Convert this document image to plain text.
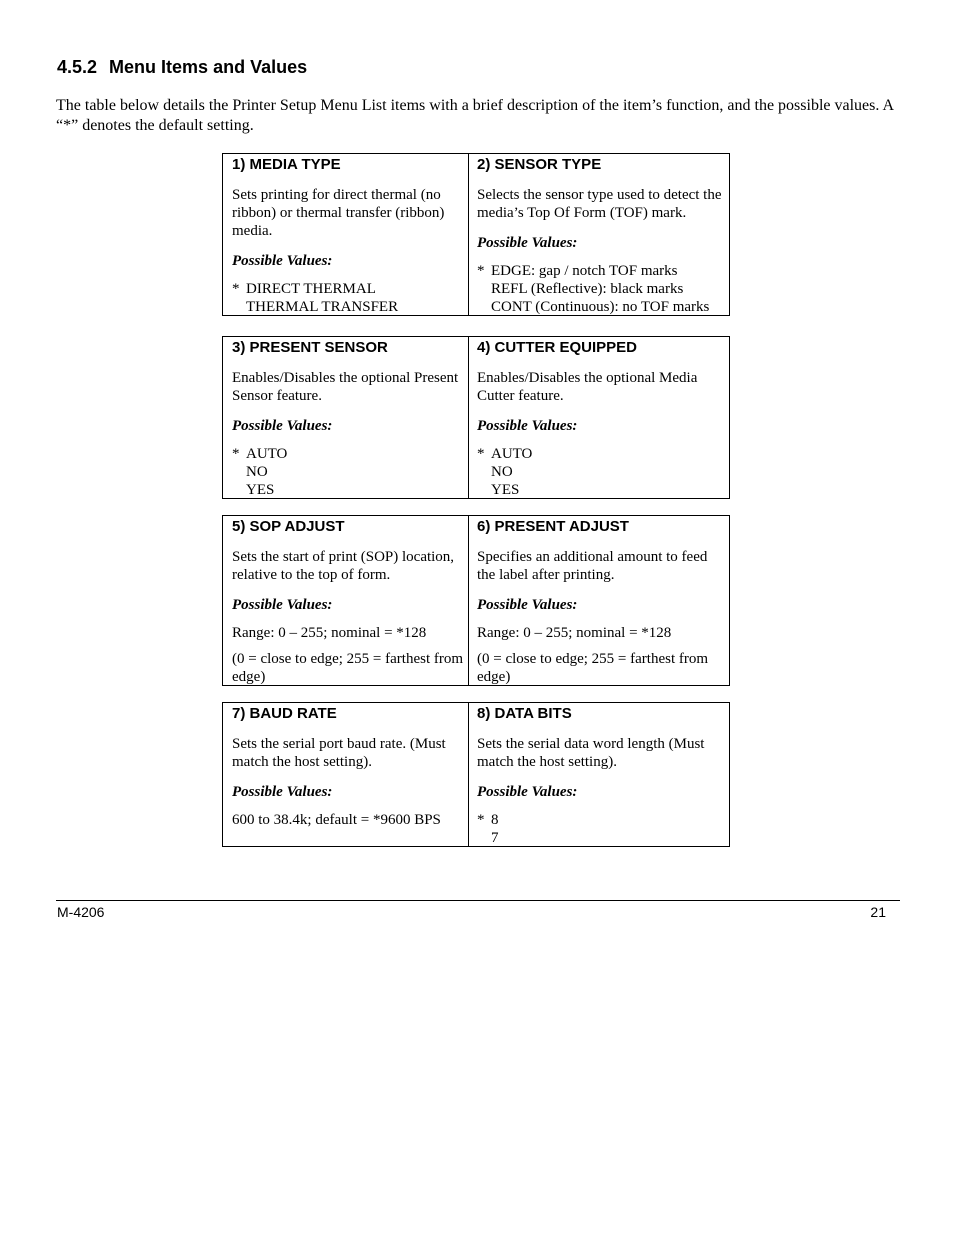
4.5.2 Menu Items and Values
The table below details the Printer Setup Menu List items with a brief description of the item’s function, and the possible values. A “*” denotes the default setting.
1) MEDIA TYPE
Sets printing for direct thermal (no ribbon) or thermal transfer (ribbon) media.
Possible Values:
* DIRECT THERMAL
THERMAL TRANSFER
2) SENSOR TYPE
Selects the sensor type used to detect the media’s Top Of Form (TOF) mark.
Possible Values:
* EDGE: gap / notch TOF marks
REFL (Reflective): black marks
CONT (Continuous): no TOF marks
3) PRESENT SENSOR
Enables/Disables the optional Present Sensor feature.
Possible Values:
* AUTO
NO
YES
4) CUTTER EQUIPPED
Enables/Disables the optional Media Cutter feature.
Possible Values:
* AUTO
NO
YES
5) SOP ADJUST
Sets the start of print (SOP) location, relative to the top of form.
Possible Values:
Range: 0 – 255; nominal = *128
(0 = close to edge; 255 = farthest from edge)
6) PRESENT ADJUST
Specifies an additional amount to feed the label after printing.
Possible Values:
Range: 0 – 255; nominal = *128
(0 = close to edge; 255 = farthest from edge)
7) BAUD RATE
Sets the serial port baud rate. (Must match the host setting).
Possible Values:
600 to 38.4k; default = *9600 BPS
8) DATA BITS
Sets the serial data word length (Must match the host setting).
Possible Values:
* 8
7
M-4206	21
